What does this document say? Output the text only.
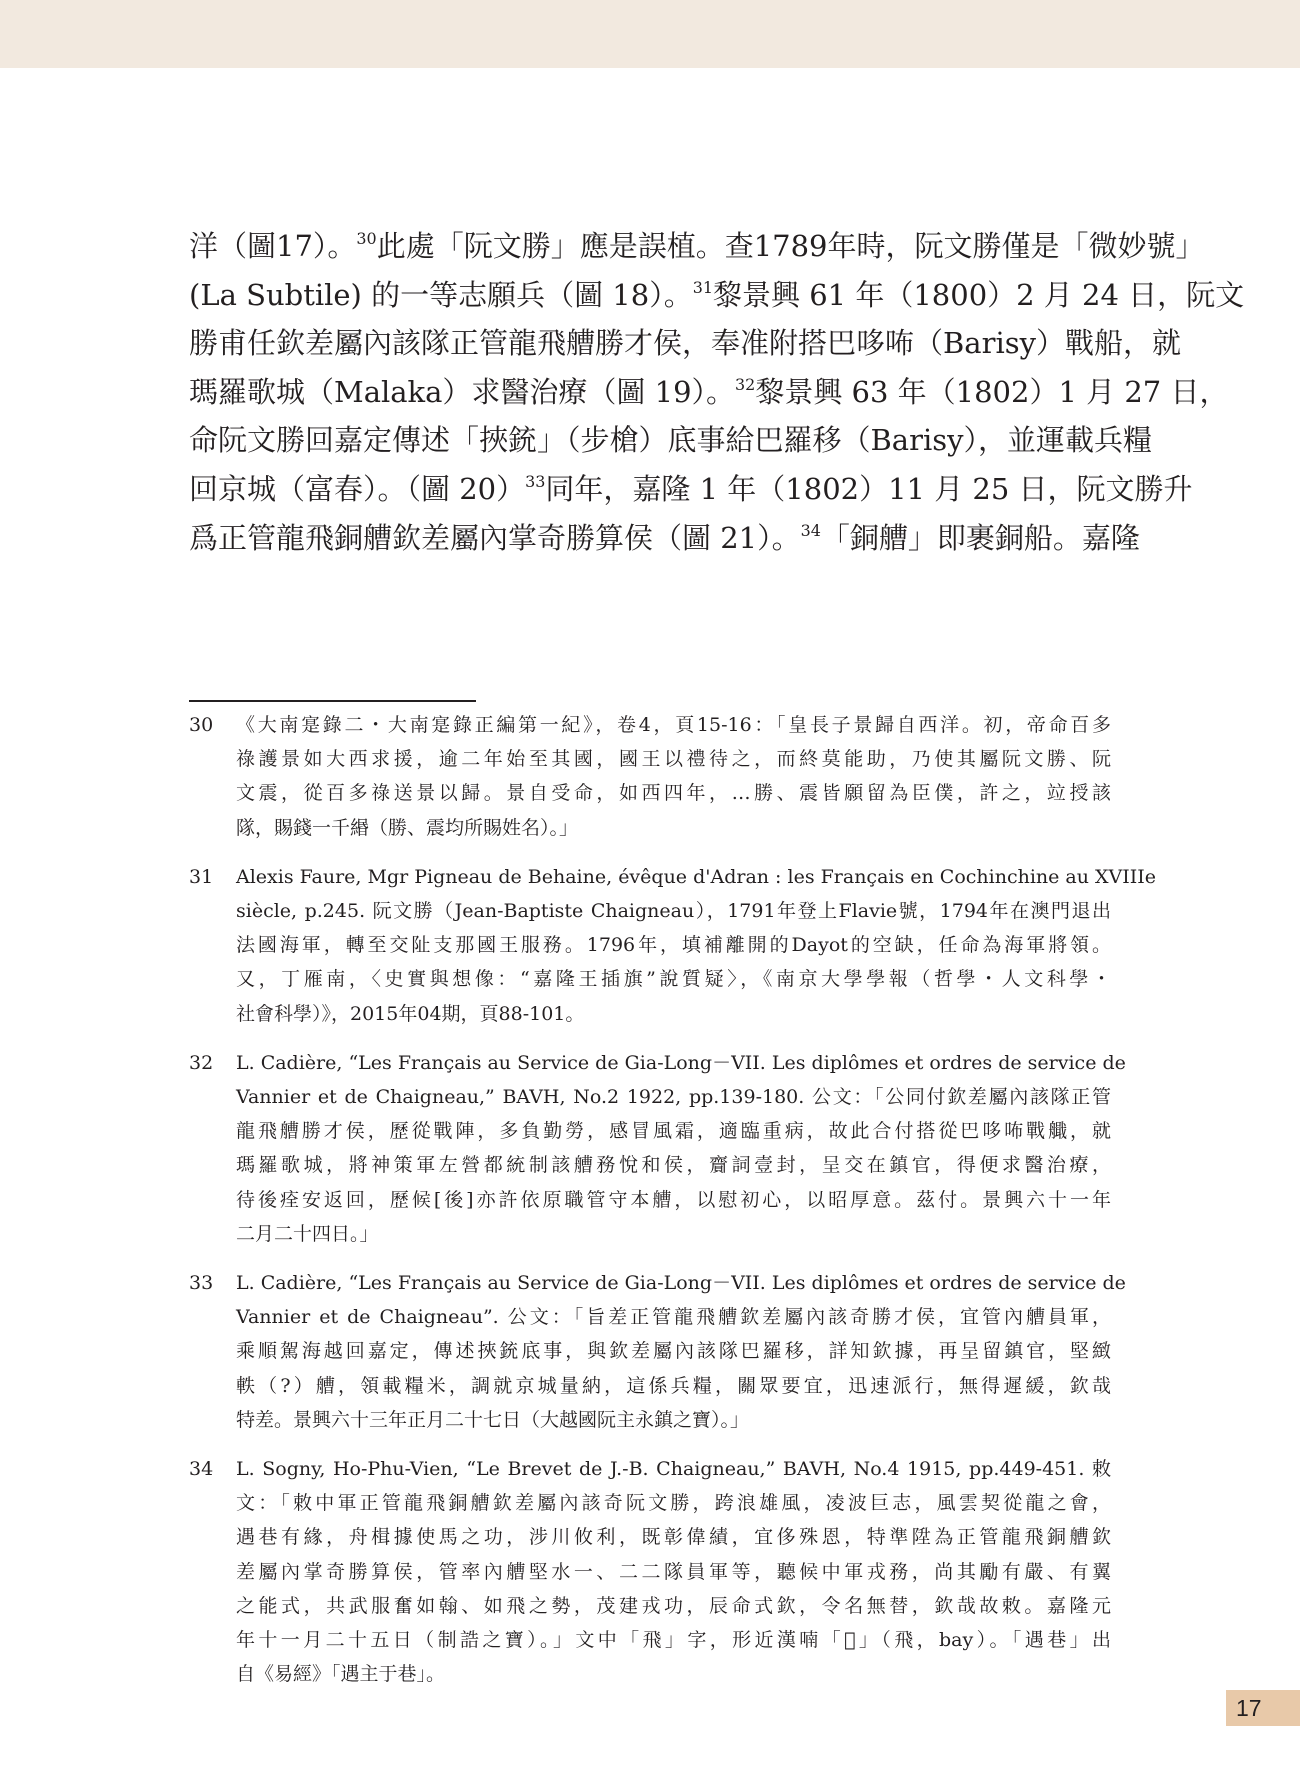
洋（圖17）。$^{30}$此處「阮文勝」應是誤植。查1789年時，阮文勝僅是「微妙號」

(La Subtile) 的一等志願兵（圖 18）。$^{31}$黎景興 61 年（1800）2 月 24 日，阮文

勝甫任欽差屬內該隊正管龍飛艚勝才侯，奉准附搭巴哆咘（Barisy）戰船，就

瑪羅歌城（Malaka）求醫治療（圖 19）。$^{32}$黎景興 63 年（1802）1 月 27 日，

命阮文勝回嘉定傳述「挾銃」（步槍）底事給巴羅移（Barisy），並運載兵糧

回京城（富春）。（圖 20）$^{33}$同年，嘉隆 1 年（1802）11 月 25 日，阮文勝升

爲正管龍飛銅艚欽差屬內掌奇勝算侯（圖 21）。$^{34}$「銅艚」即裹銅船。嘉隆

30 《大南寔錄二・大南寔錄正編第一紀》，卷4，頁15-16：「皇長子景歸自西洋。初，帝命百多
祿護景如大西求援，逾二年始至其國，國王以禮待之，而終莫能助，乃使其屬阮文勝、阮
文震，從百多祿送景以歸。景自受命，如西四年，…勝、震皆願留為臣僕，許之，竝授該
隊，賜錢一千緡（勝、震均所賜姓名）。」
31 Alexis Faure, Mgr Pigneau de Behaine, évêque d'Adran : les Français en Cochinchine au XVIIIe
siècle, p.245. 阮文勝（Jean-Baptiste Chaigneau），1791年登上Flavie號，1794年在澳門退出
法國海軍，轉至交阯支那國王服務。1796年，填補離開的Dayot的空缺，任命為海軍將領。
又，丁雁南，〈史實與想像：“嘉隆王插旗”說質疑〉，《南京大學學報（哲學・人文科學・
社會科學）》，2015年04期，頁88-101。
32 L. Cadière, “Les Français au Service de Gia-Long－VII. Les diplômes et ordres de service de
Vannier et de Chaigneau,” BAVH, No.2 1922, pp.139-180. 公文：「公同付欽差屬內該隊正管
龍飛艚勝才侯，歷從戰陣，多負勤勞，感冒風霜，適臨重病，故此合付搭從巴哆咘戰艥，就
瑪羅歌城，將神策軍左營都統制該艚務悅和侯，齎詞壹封，呈交在鎮官，得便求醫治療，
待後痊安返回，歷候[後]亦許依原職管守本艚，以慰初心，以昭厚意。茲付。景興六十一年
二月二十四日。」
33 L. Cadière, “Les Français au Service de Gia-Long－VII. Les diplômes et ordres de service de
Vannier et de Chaigneau”. 公文：「旨差正管龍飛艚欽差屬內該奇勝才侯，宜管內艚員軍，
乘順駕海越回嘉定，傳述挾銃底事，與欽差屬內該隊巴羅移，詳知欽據，再呈留鎮官，堅緻
軼（?）艚，領載糧米，調就京城量納，這係兵糧，關眾要宜，迅速派行，無得遲緩，欽哉
特差。景興六十三年正月二十七日（大越國阮主永鎮之寶）。」
34 L. Sogny, Ho-Phu-Vien, “Le Brevet de J.-B. Chaigneau,” BAVH, No.4 1915, pp.449-451. 敕
文：「敕中軍正管龍飛銅艚欽差屬內該奇阮文勝，跨浪雄風，凌波巨志，風雲契從龍之會，
遇巷有緣，舟楫據使馬之功，涉川攸利，既彰偉績，宜侈殊恩，特準陞為正管龍飛銅艚欽
差屬內掌奇勝算侯，管率內艚堅水一、二二隊員軍等，聽候中軍戎務，尚其勵有嚴、有翼
之能式，共武服奮如翰、如飛之勢，茂建戎功，辰命式欽，令名無替，欽哉故敕。嘉隆元
年十一月二十五日（制誥之寶）。」文中「飛」字，形近漢喃「𠖈」（飛，bay）。「遇巷」出
自《易經》「遇主于巷」。
17
